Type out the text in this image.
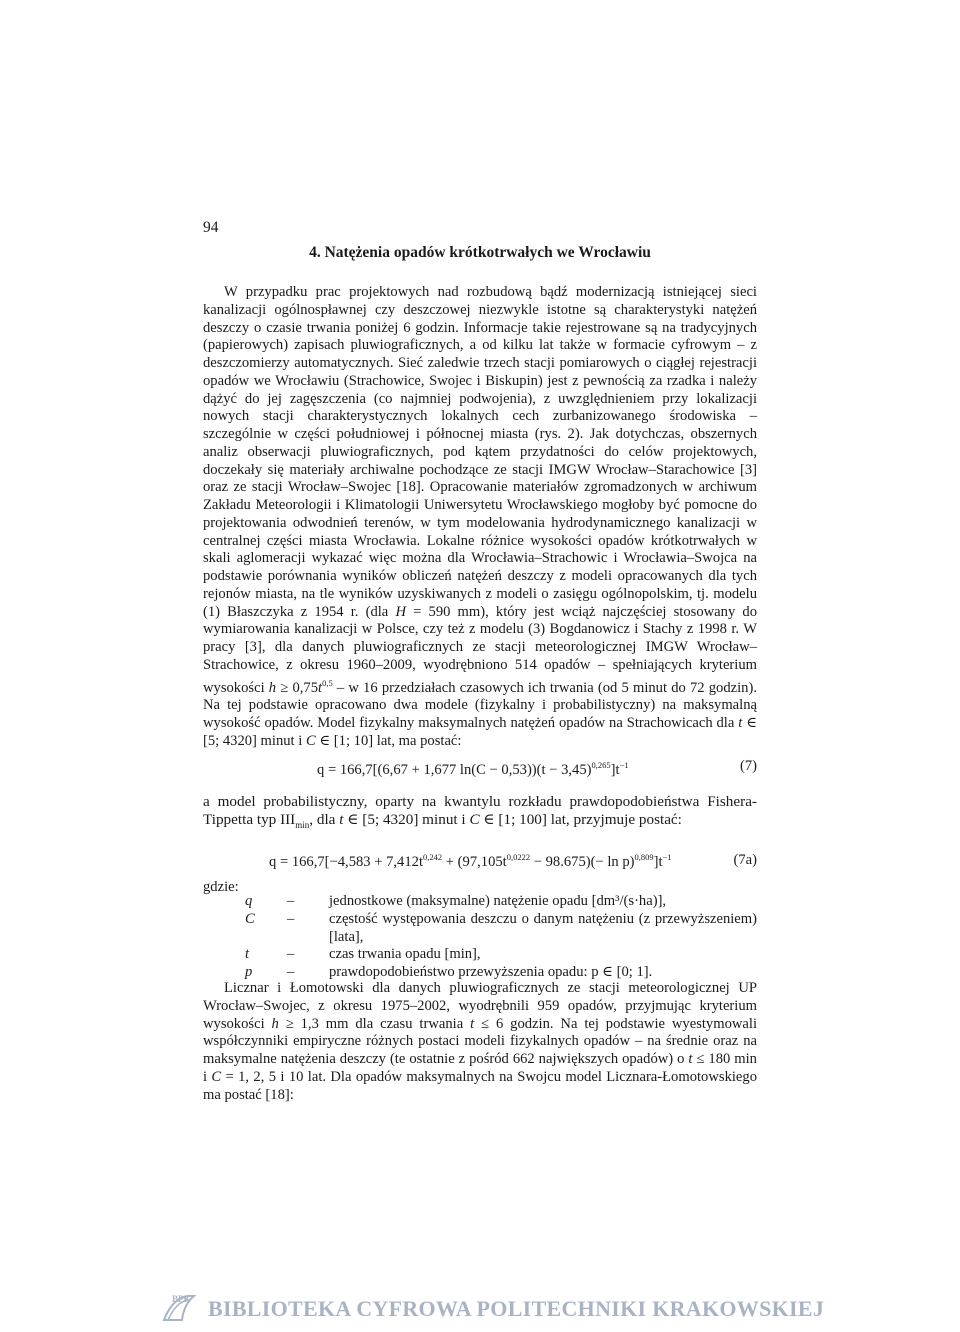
94
4. Natężenia opadów krótkotrwałych we Wrocławiu

W przypadku prac projektowych nad rozbudową bądź modernizacją istniejącej sieci kanalizacji ogólnospławnej czy deszczowej niezwykle istotne są charakterystyki natężeń deszczy o czasie trwania poniżej 6 godzin. Informacje takie rejestrowane są na tradycyjnych (papierowych) zapisach pluwiograficznych, a od kilku lat także w formacie cyfrowym – z deszczomierzy automatycznych. Sieć zaledwie trzech stacji pomiarowych o ciągłej rejestracji opadów we Wrocławiu (Strachowice, Swojec i Biskupin) jest z pewnością za rzadka i należy dążyć do jej zagęszczenia (co najmniej podwojenia), z uwzględnieniem przy lokalizacji nowych stacji charakterystycznych lokalnych cech zurbanizowanego środowiska – szczególnie w części południowej i północnej miasta (rys. 2). Jak dotychczas, obszernych analiz obserwacji pluwiograficznych, pod kątem przydatności do celów projektowych, doczekały się materiały archiwalne pochodzące ze stacji IMGW Wrocław–Starachowice [3] oraz ze stacji Wrocław–Swojec [18]. Opracowanie materiałów zgromadzonych w archiwum Zakładu Meteorologii i Klimatologii Uniwersytetu Wrocławskiego mogłoby być pomocne do projektowania odwodnień terenów, w tym modelowania hydrodynamicznego kanalizacji w centralnej części miasta Wrocławia. Lokalne różnice wysokości opadów krótkotrwałych w skali aglomeracji wykazać więc można dla Wrocławia–Strachowic i Wrocławia–Swojca na podstawie porównania wyników obliczeń natężeń deszczy z modeli opracowanych dla tych rejonów miasta, na tle wyników uzyskiwanych z modeli o zasięgu ogólnopolskim, tj. modelu (1) Błaszczyka z 1954 r. (dla H = 590 mm), który jest wciąż najczęściej stosowany do wymiarowania kanalizacji w Polsce, czy też z modelu (3) Bogdanowicz i Stachy z 1998 r. W pracy [3], dla danych pluwiograficznych ze stacji meteorologicznej IMGW Wrocław–Strachowice, z okresu 1960–2009, wyodrębniono 514 opadów – spełniających kryterium wysokości $h \ge 0,75t^{0,5} - w$ 16 przedziałach czasowych ich trwania (od 5 minut do 72 godzin). Na tej podstawie opracowano dwa modele (fizykalny i probabilistyczny) na maksymalną wysokość opadów. Model fizykalny maksymalnych natężeń opadów na Strachowicach dla t ∈ [5; 4320] minut i C ∈ [1; 10] lat, ma postać:

q = 166,7[(6,67 + 1,677 $\ln(C - 0,53))(t - 3,45)^{0,265}]t^{-1}$	(7)
a model probabilistyczny, oparty na kwantylu rozkładu prawdopodobieństwa Fishera-Tippetta typ $III_{min}$, dla t ∈ [5; 4320] minut i C ∈ [1; 100] lat, przyjmuje postać:
$q = 166,7[-4,583 + 7,412t^{0,242} + (97,105t^{0,0222} - 98.675)(- \ln p)^{0,809}]t^{-1}$	(7a)
gdzie:
q	–	jednostkowe (maksymalne) natężenie opadu [dm³/(s·ha)],
C	–	częstość występowania deszczu o danym natężeniu (z przewyższeniem) [lata],
t	–	czas trwania opadu [min],
p	–	prawdopodobieństwo przewyższenia opadu: p ∈ [0; 1].

Licznar i Łomotowski dla danych pluwiograficznych ze stacji meteorologicznej UP Wrocław–Swojec, z okresu 1975–2002, wyodrębnili 959 opadów, przyjmując kryterium wysokości h ≥ 1,3 mm dla czasu trwania t ≤ 6 godzin. Na tej podstawie wyestymowali współczynniki empiryczne różnych postaci modeli fizykalnych opadów – na średnie oraz na maksymalne natężenia deszczy (te ostatnie z pośród 662 największych opadów) o t ≤ 180 min i C = 1, 2, 5 i 10 lat. Dla opadów maksymalnych na Swojcu model Licznara-Łomotowskiego ma postać [18]:

BPK BIBLIOTEKA CYFROWA POLITECHNIKI KRAKOWSKIEJ
